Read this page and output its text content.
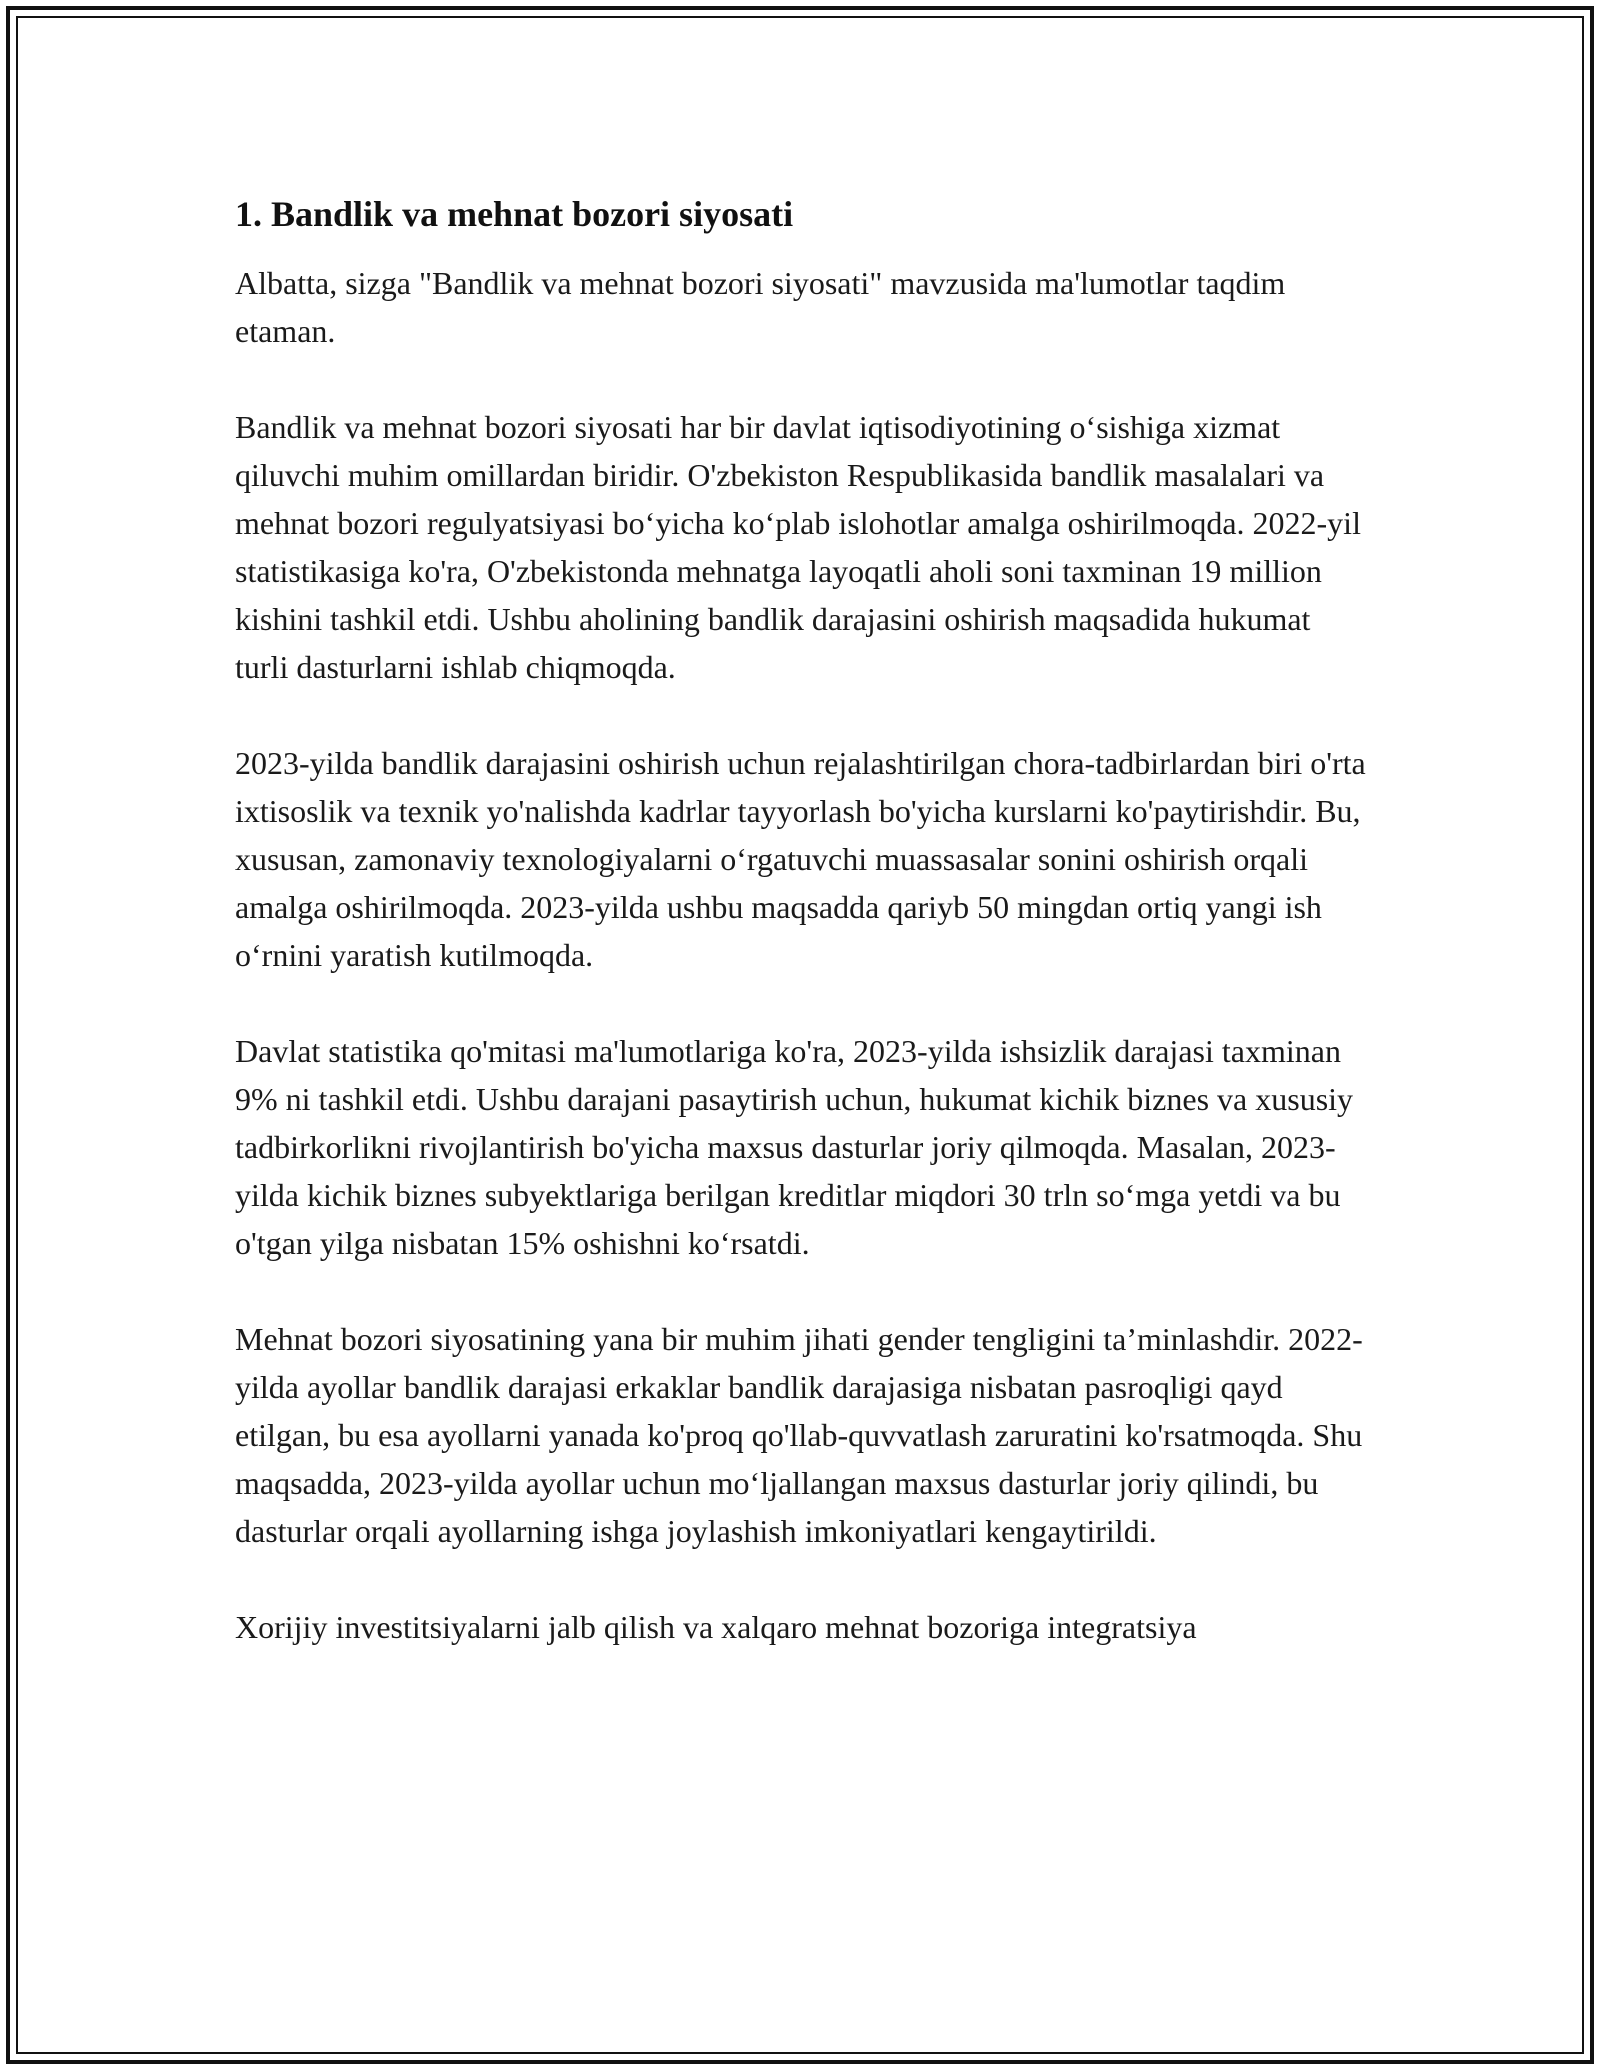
1. Bandlik va mehnat bozori siyosati

Albatta, sizga "Bandlik va mehnat bozori siyosati" mavzusida ma'lumotlar taqdim etaman.

Bandlik va mehnat bozori siyosati har bir davlat iqtisodiyotining oʻsishiga xizmat qiluvchi muhim omillardan biridir. O'zbekiston Respublikasida bandlik masalalari va mehnat bozori regulyatsiyasi boʻyicha koʻplab islohotlar amalga oshirilmoqda. 2022-yil statistikasiga ko'ra, O'zbekistonda mehnatga layoqatli aholi soni taxminan 19 million kishini tashkil etdi. Ushbu aholining bandlik darajasini oshirish maqsadida hukumat turli dasturlarni ishlab chiqmoqda.

2023-yilda bandlik darajasini oshirish uchun rejalashtirilgan chora-tadbirlardan biri o'rta ixtisoslik va texnik yo'nalishda kadrlar tayyorlash bo'yicha kurslarni ko'paytirishdir. Bu, xususan, zamonaviy texnologiyalarni oʻrgatuvchi muassasalar sonini oshirish orqali amalga oshirilmoqda. 2023-yilda ushbu maqsadda qariyb 50 mingdan ortiq yangi ish oʻrnini yaratish kutilmoqda.

Davlat statistika qo'mitasi ma'lumotlariga ko'ra, 2023-yilda ishsizlik darajasi taxminan 9% ni tashkil etdi. Ushbu darajani pasaytirish uchun, hukumat kichik biznes va xususiy tadbirkorlikni rivojlantirish bo'yicha maxsus dasturlar joriy qilmoqda. Masalan, 2023-yilda kichik biznes subyektlariga berilgan kreditlar miqdori 30 trln soʻmga yetdi va bu o'tgan yilga nisbatan 15% oshishni koʻrsatdi.

Mehnat bozori siyosatining yana bir muhim jihati gender tengligini ta’minlashdir. 2022-yilda ayollar bandlik darajasi erkaklar bandlik darajasiga nisbatan pasroqligi qayd etilgan, bu esa ayollarni yanada ko'proq qo'llab-quvvatlash zaruratini ko'rsatmoqda. Shu maqsadda, 2023-yilda ayollar uchun moʻljallangan maxsus dasturlar joriy qilindi, bu dasturlar orqali ayollarning ishga joylashish imkoniyatlari kengaytirildi.

Xorijiy investitsiyalarni jalb qilish va xalqaro mehnat bozoriga integratsiya
